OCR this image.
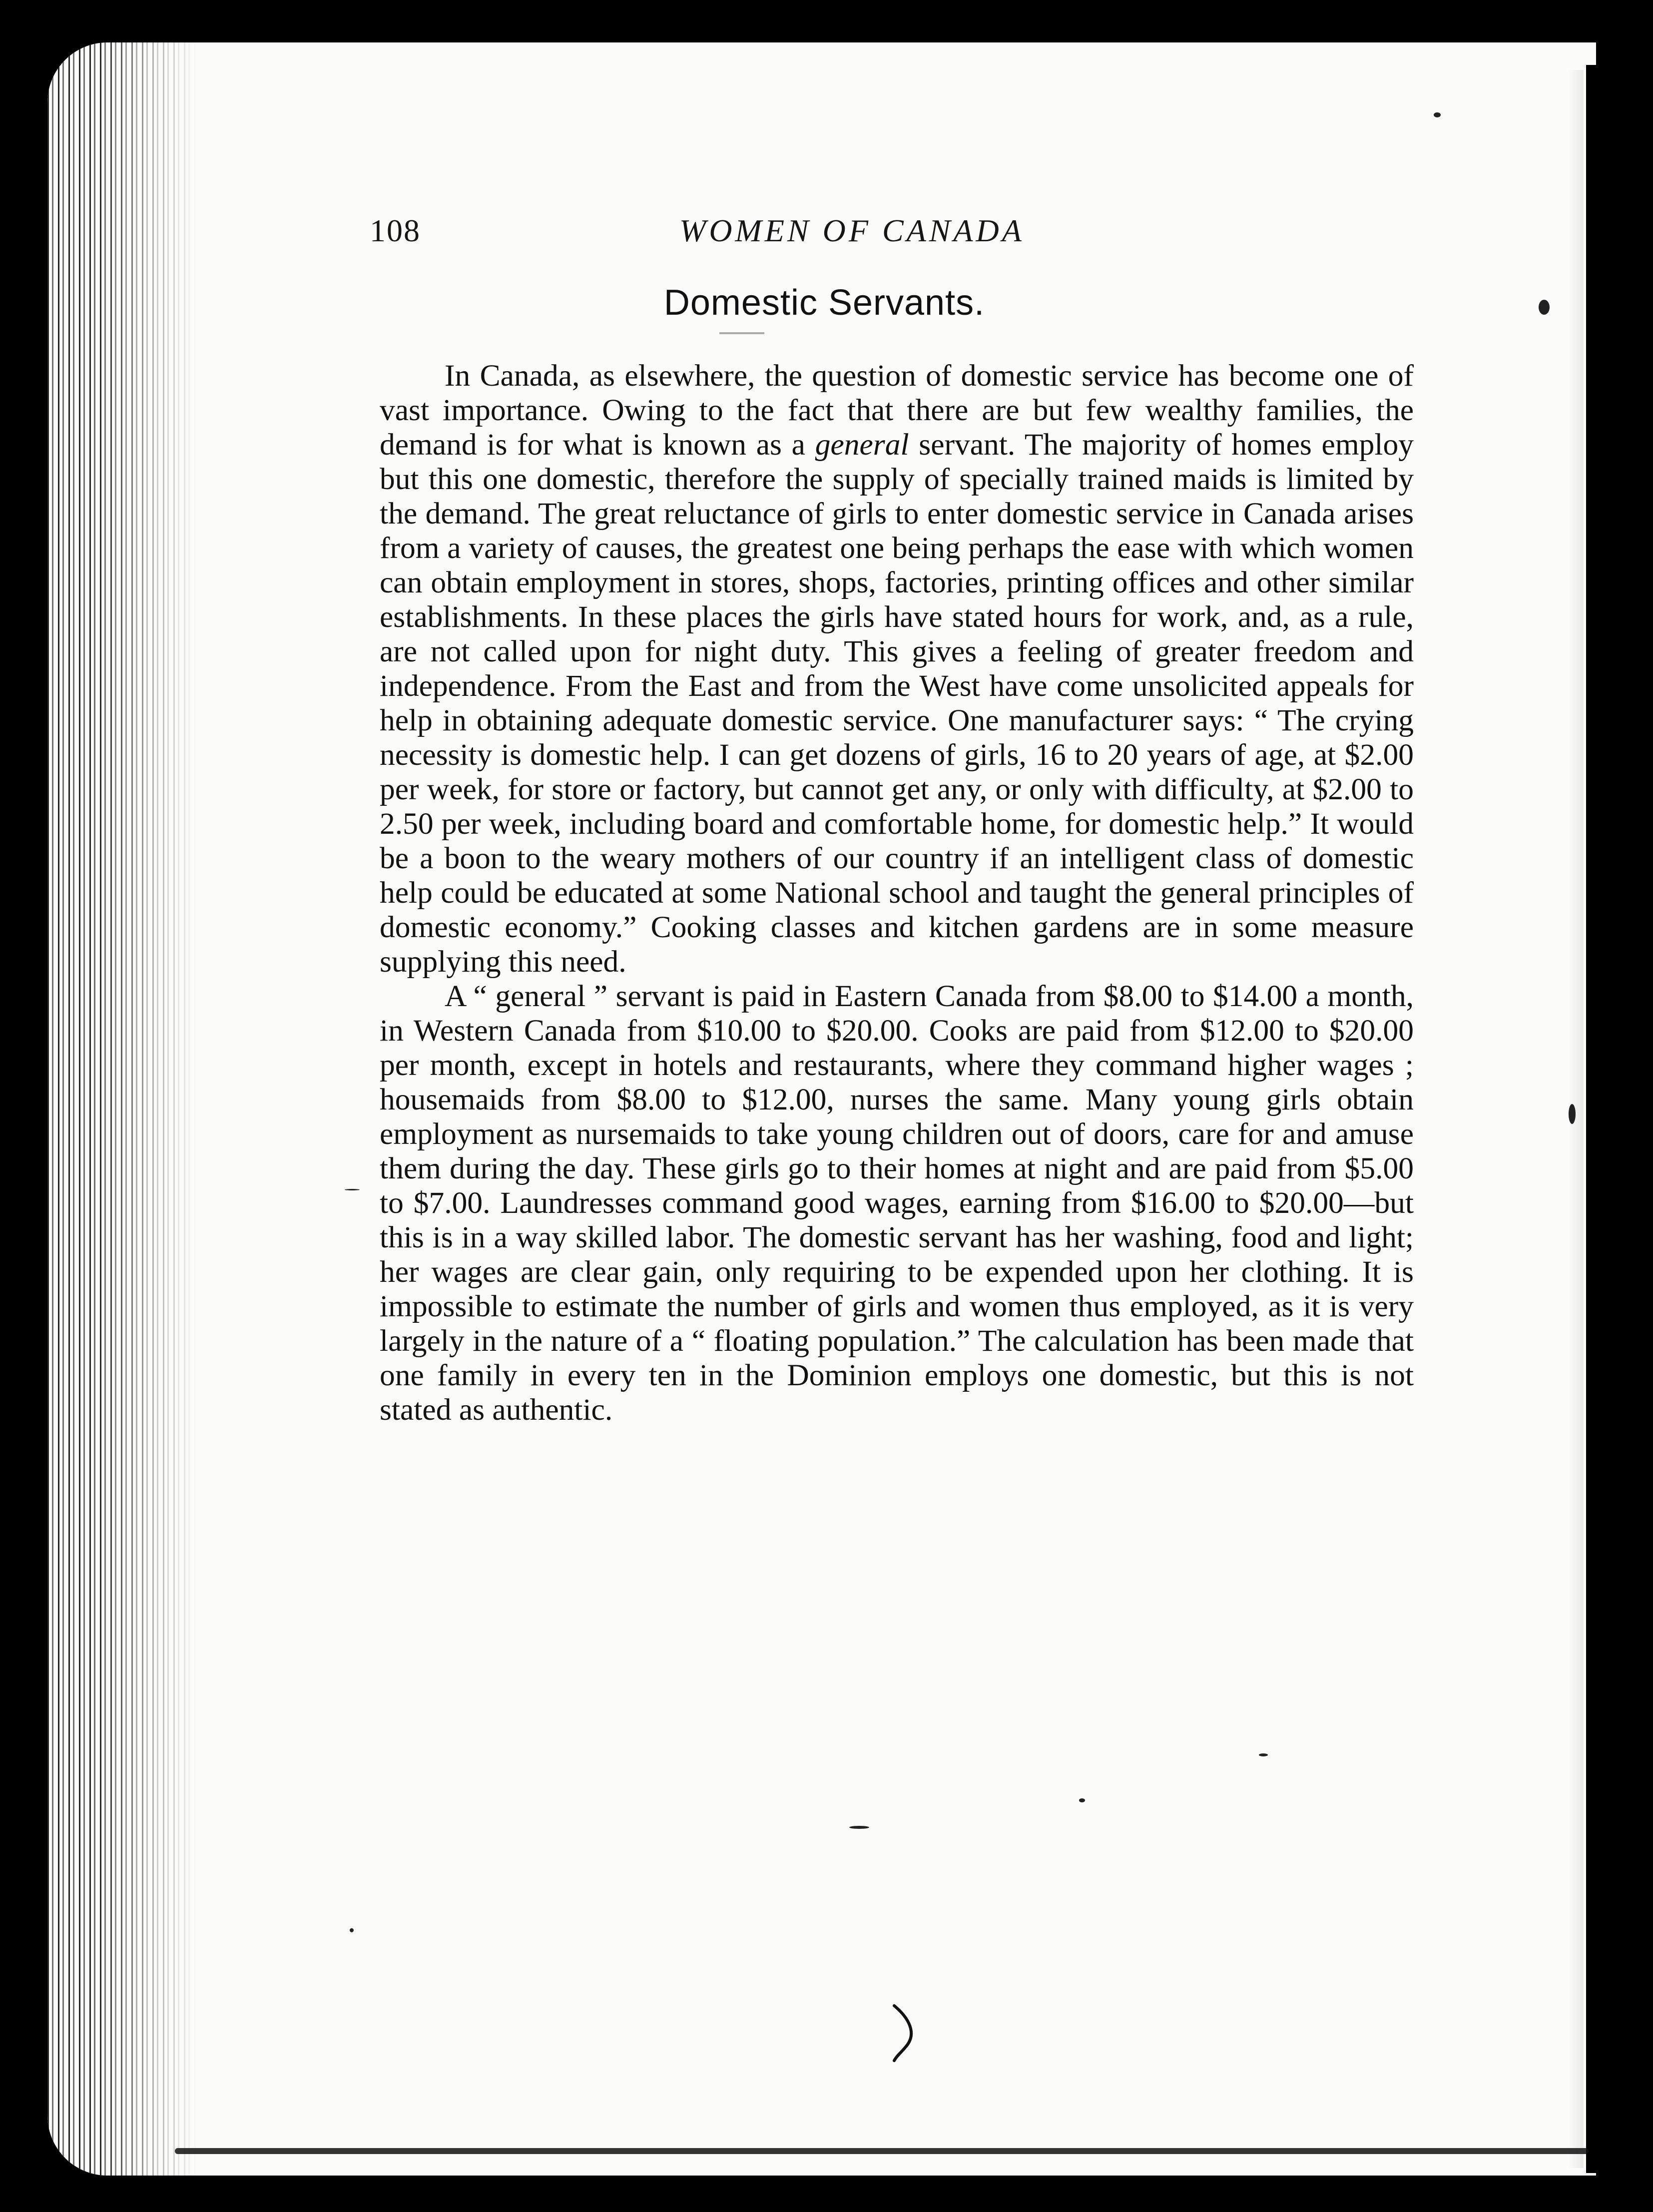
108	WOMEN OF CANADA
Domestic Servants.

In Canada, as elsewhere, the question of domestic service has become one of vast importance. Owing to the fact that there are but few wealthy families, the demand is for what is known as a general servant. The majority of homes employ but this one domestic, therefore the supply of specially trained maids is limited by the demand. The great reluctance of girls to enter domestic service in Canada arises from a variety of causes, the greatest one being perhaps the ease with which women can obtain employment in stores, shops, factories, printing offices and other similar establishments. In these places the girls have stated hours for work, and, as a rule, are not called upon for night duty. This gives a feeling of greater freedom and independence. From the East and from the West have come unsolicited appeals for help in obtaining adequate domestic service. One manufacturer says: “ The crying necessity is domestic help. I can get dozens of girls, 16 to 20 years of age, at $2.00 per week, for store or factory, but cannot get any, or only with difficulty, at $2.00 to 2.50 per week, including board and comfortable home, for domestic help.” It would be a boon to the weary mothers of our country if an intelligent class of domestic help could be educated at some National school and taught the general principles of domestic economy.” Cooking classes and kitchen gardens are in some measure supplying this need.

A “ general ” servant is paid in Eastern Canada from $8.00 to $14.00 a month, in Western Canada from $10.00 to $20.00. Cooks are paid from $12.00 to $20.00 per month, except in hotels and restaurants, where they command higher wages ; housemaids from $8.00 to $12.00, nurses the same. Many young girls obtain employment as nursemaids to take young children out of doors, care for and amuse them during the day. These girls go to their homes at night and are paid from $5.00 to $7.00. Laundresses command good wages, earning from $16.00 to $20.00—but this is in a way skilled labor. The domestic servant has her washing, food and light; her wages are clear gain, only requiring to be expended upon her clothing. It is impossible to estimate the number of girls and women thus employed, as it is very largely in the nature of a “ floating population.” The calculation has been made that one family in every ten in the Dominion employs one domestic, but this is not stated as authentic.
